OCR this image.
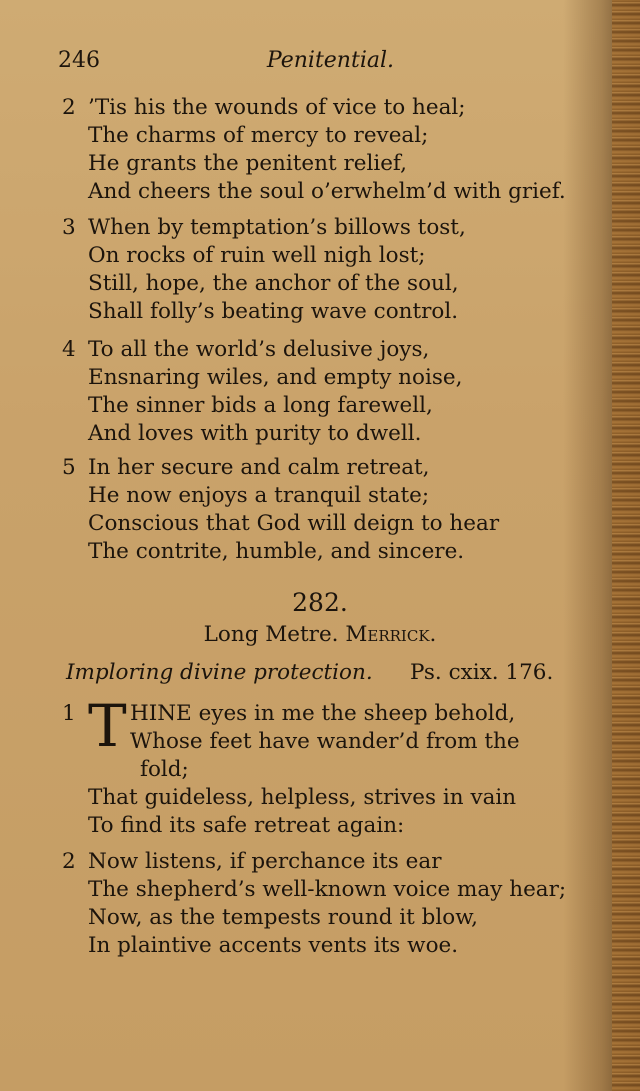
246	Penitential.
2 ’Tis his the wounds of vice to heal;
The charms of mercy to reveal;
He grants the penitent relief,
And cheers the soul o’erwhelm’d with grief.
3 When by temptation’s billows tost,
On rocks of ruin well nigh lost;
Still, hope, the anchor of the soul,
Shall folly’s beating wave control.
4 To all the world’s delusive joys,
Ensnaring wiles, and empty noise,
The sinner bids a long farewell,
And loves with purity to dwell.
5 In her secure and calm retreat,
He now enjoys a tranquil state;
Conscious that God will deign to hear
The contrite, humble, and sincere.
282.
Long Metre. Merrick.
Imploring divine protection. Ps. cxix. 176.
1 T HINE eyes in me the sheep behold,
Whose feet have wander’d from the
fold;
That guideless, helpless, strives in vain
To find its safe retreat again:
2 Now listens, if perchance its ear
The shepherd’s well-known voice may hear;
Now, as the tempests round it blow,
In plaintive accents vents its woe.
